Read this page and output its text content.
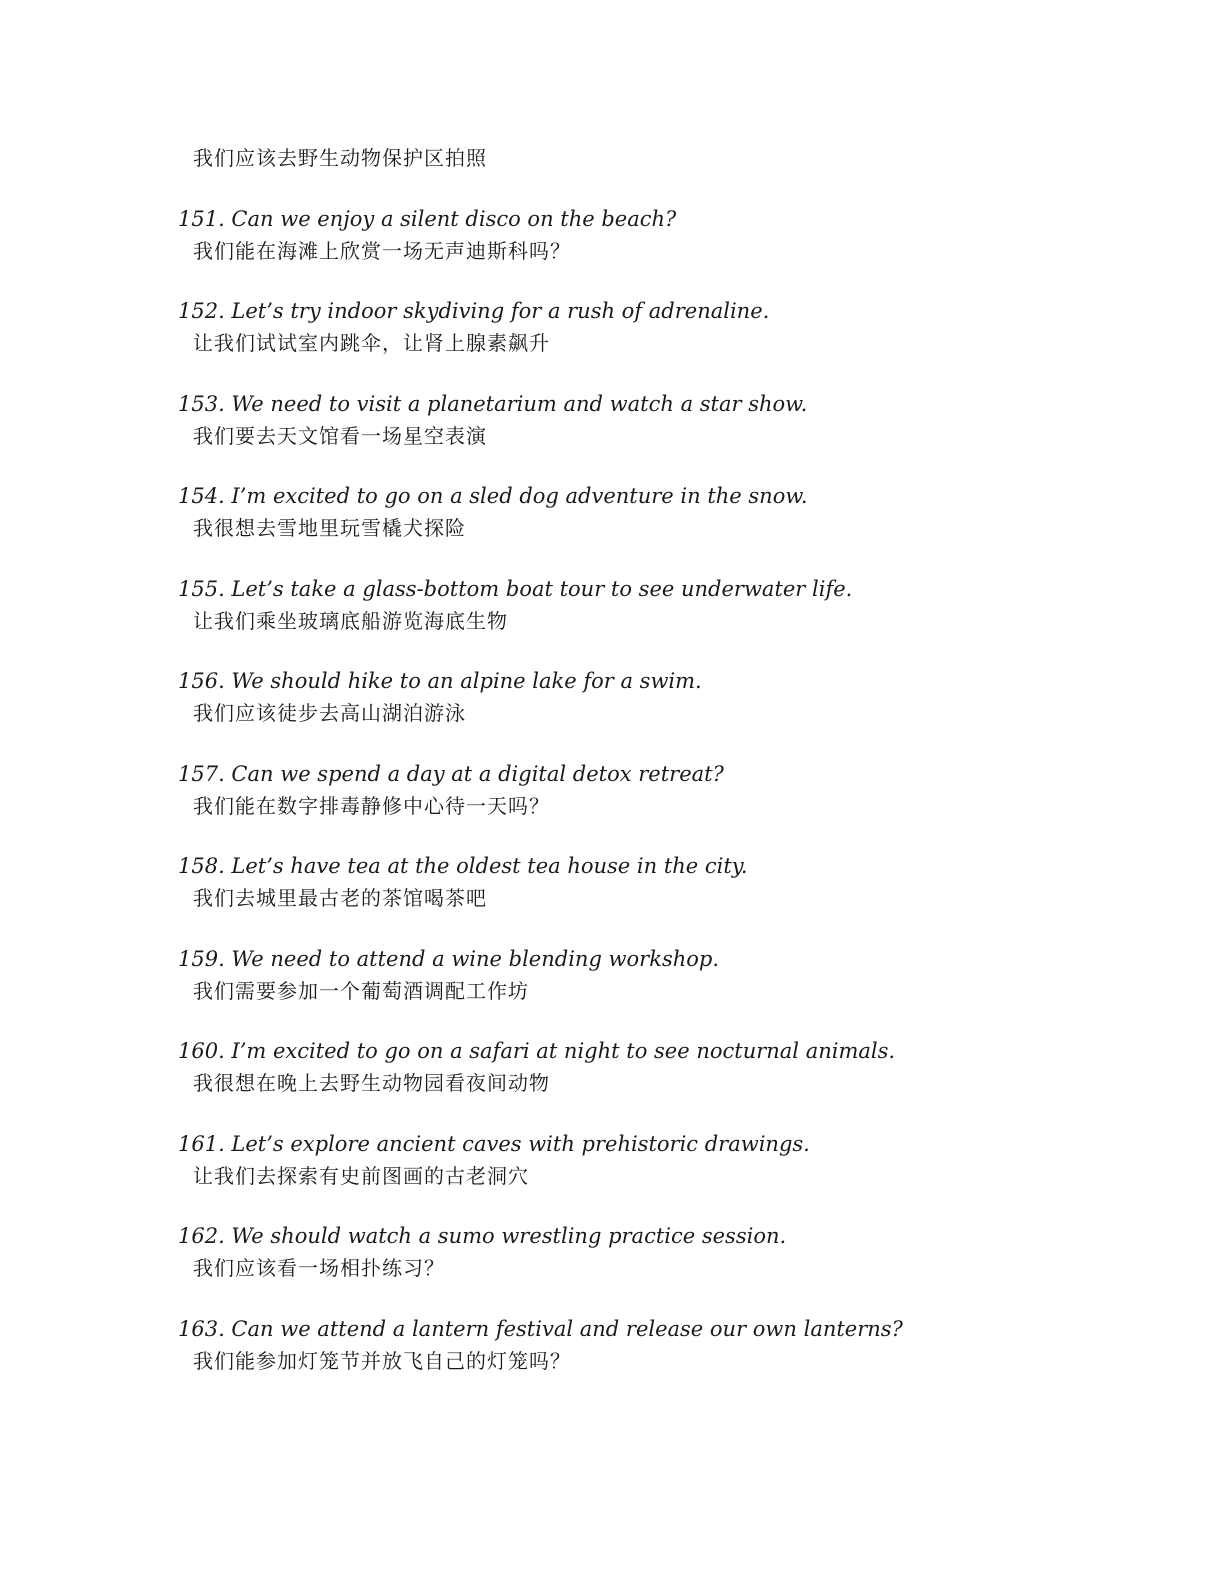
我们应该去野生动物保护区拍照
151. Can we enjoy a silent disco on the beach?
我们能在海滩上欣赏一场无声迪斯科吗？
152. Let’s try indoor skydiving for a rush of adrenaline.
让我们试试室内跳伞，让肾上腺素飙升
153. We need to visit a planetarium and watch a star show.
我们要去天文馆看一场星空表演
154. I’m excited to go on a sled dog adventure in the snow.
我很想去雪地里玩雪橇犬探险
155. Let’s take a glass-bottom boat tour to see underwater life.
让我们乘坐玻璃底船游览海底生物
156. We should hike to an alpine lake for a swim.
我们应该徒步去高山湖泊游泳
157. Can we spend a day at a digital detox retreat?
我们能在数字排毒静修中心待一天吗？
158. Let’s have tea at the oldest tea house in the city.
我们去城里最古老的茶馆喝茶吧
159. We need to attend a wine blending workshop.
我们需要参加一个葡萄酒调配工作坊
160. I’m excited to go on a safari at night to see nocturnal animals.
我很想在晚上去野生动物园看夜间动物
161. Let’s explore ancient caves with prehistoric drawings.
让我们去探索有史前图画的古老洞穴
162. We should watch a sumo wrestling practice session.
我们应该看一场相扑练习？
163. Can we attend a lantern festival and release our own lanterns?
我们能参加灯笼节并放飞自己的灯笼吗？
